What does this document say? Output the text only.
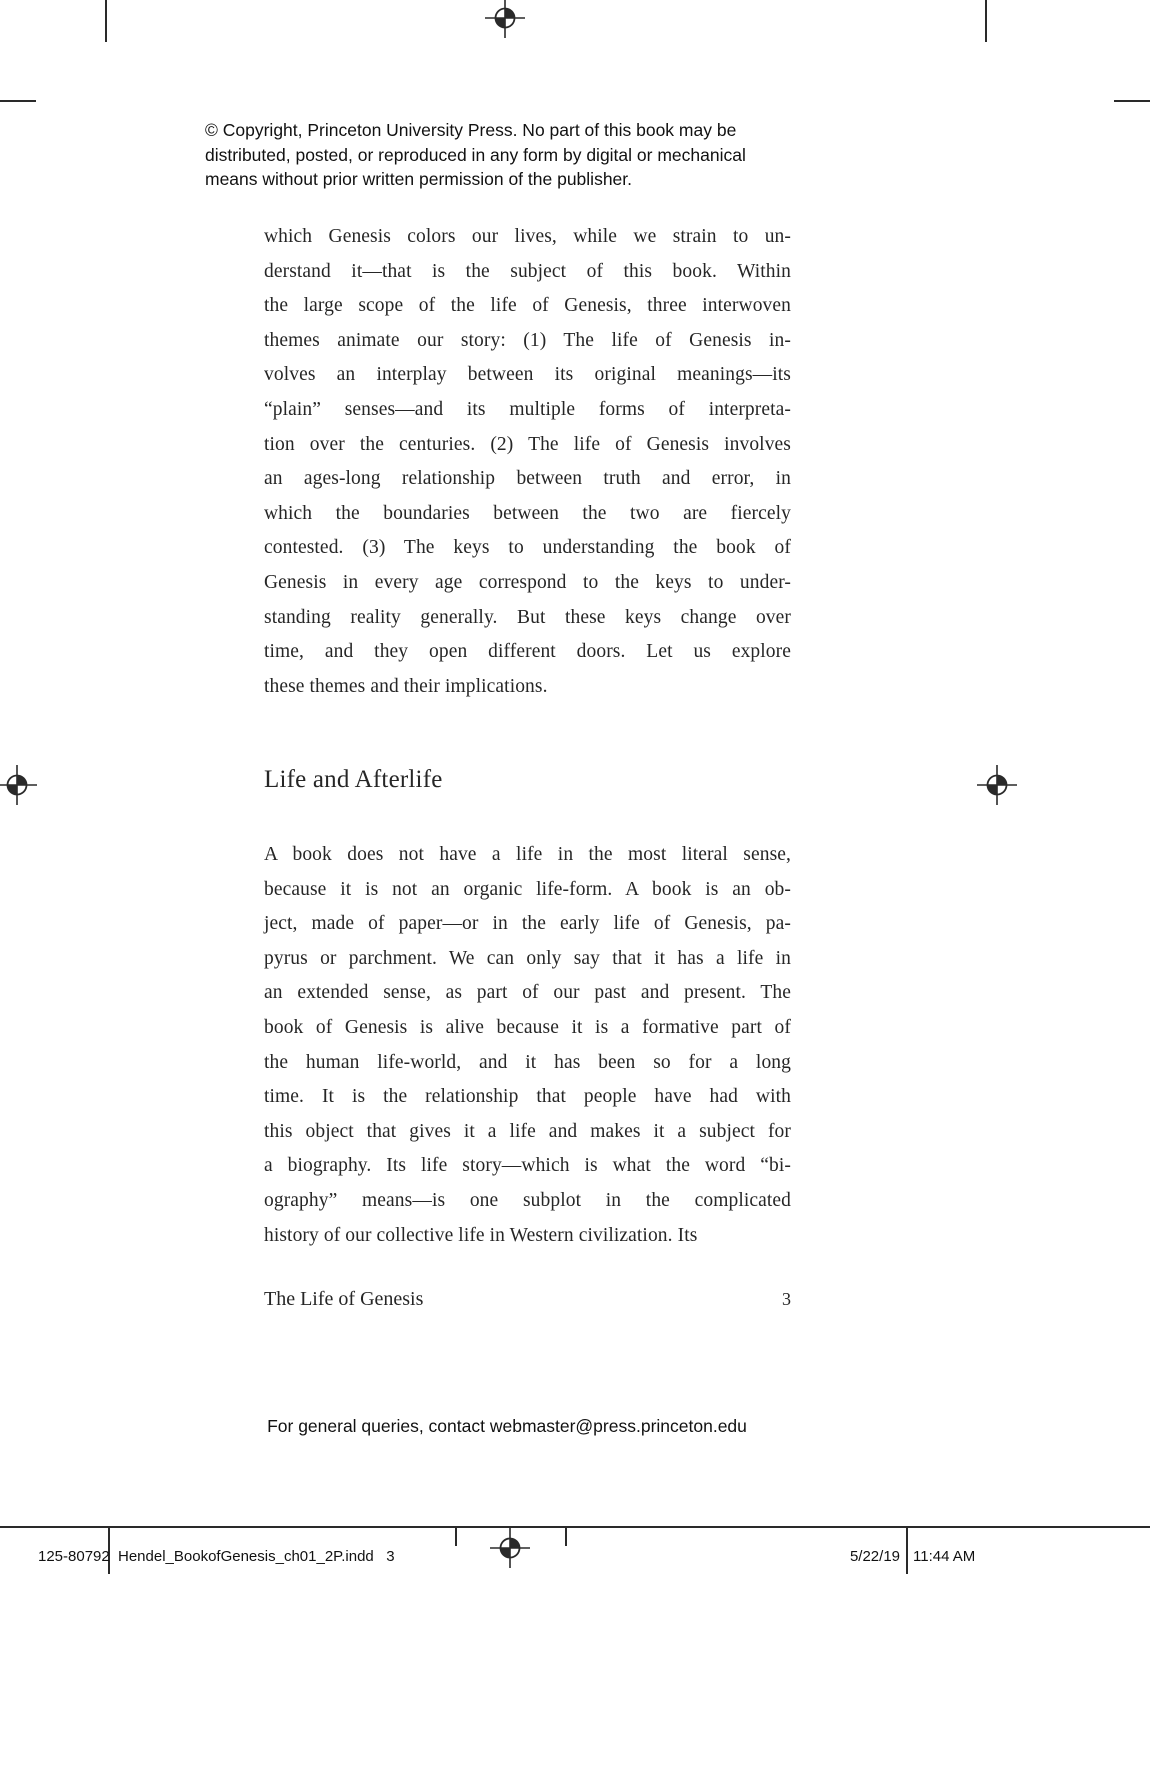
© Copyright, Princeton University Press. No part of this book may be
distributed, posted, or reproduced in any form by digital or mechanical
means without prior written permission of the publisher.
which Genesis colors our lives, while we strain to un-
derstand it—that is the subject of this book. Within
the large scope of the life of Genesis, three interwoven
themes animate our story: (1) The life of Genesis in-
volves an interplay between its original meanings—its
“plain” senses—and its multiple forms of interpreta-
tion over the centuries. (2) The life of Genesis involves
an ages-long relationship between truth and error, in
which the boundaries between the two are fiercely
contested. (3) The keys to understanding the book of
Genesis in every age correspond to the keys to under-
standing reality generally. But these keys change over
time, and they open different doors. Let us explore
these themes and their implications.
Life and Afterlife
A book does not have a life in the most literal sense,
because it is not an organic life-form. A book is an ob-
ject, made of paper—or in the early life of Genesis, pa-
pyrus or parchment. We can only say that it has a life in
an extended sense, as part of our past and present. The
book of Genesis is alive because it is a formative part of
the human life-world, and it has been so for a long
time. It is the relationship that people have had with
this object that gives it a life and makes it a subject for
a biography. Its life story—which is what the word “bi-
ography” means—is one subplot in the complicated
history of our collective life in Western civilization. Its
The Life of Genesis	3
For general queries, contact webmaster@press.princeton.edu
125-80792 Hendel_BookofGenesis_ch01_2P.indd   3	5/22/19 11:44 AM
